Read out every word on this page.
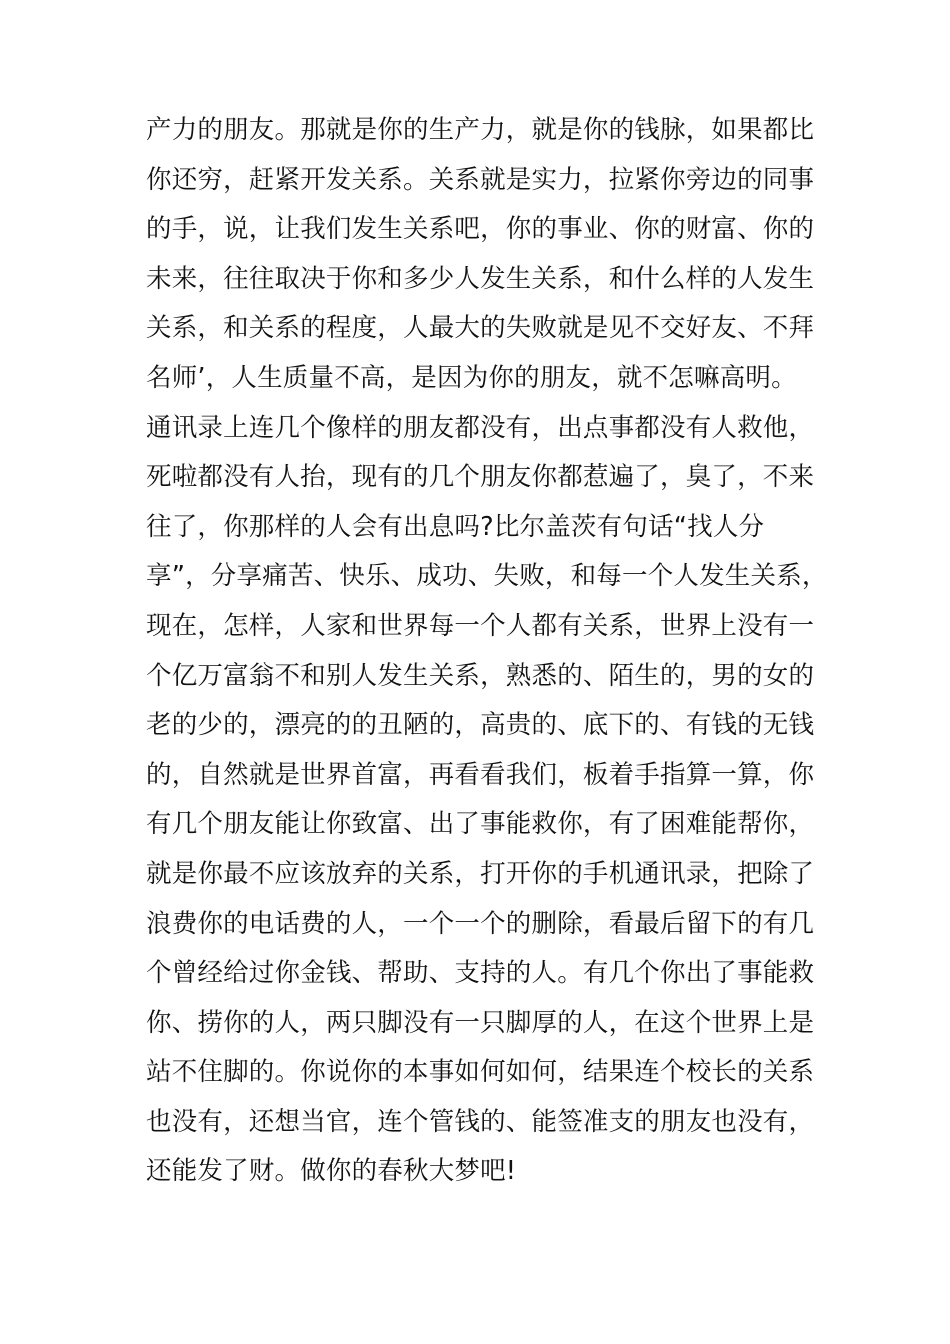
产力的朋友。那就是你的生产力，就是你的钱脉，如果都比
你还穷，赶紧开发关系。关系就是实力，拉紧你旁边的同事
的手，说，让我们发生关系吧，你的事业、你的财富、你的
未来，往往取决于你和多少人发生关系，和什么样的人发生
关系，和关系的程度，人最大的失败就是见不交好友、不拜
名师’，人生质量不高，是因为你的朋友，就不怎嘛高明。
通讯录上连几个像样的朋友都没有，出点事都没有人救他，
死啦都没有人抬，现有的几个朋友你都惹遍了，臭了，不来
往了，你那样的人会有出息吗?比尔盖茨有句话“找人分
享”，分享痛苦、快乐、成功、失败，和每一个人发生关系，
现在，怎样，人家和世界每一个人都有关系，世界上没有一
个亿万富翁不和别人发生关系，熟悉的、陌生的，男的女的
老的少的，漂亮的的丑陋的，高贵的、底下的、有钱的无钱
的，自然就是世界首富，再看看我们，板着手指算一算，你
有几个朋友能让你致富、出了事能救你，有了困难能帮你，
就是你最不应该放弃的关系，打开你的手机通讯录，把除了
浪费你的电话费的人，一个一个的删除，看最后留下的有几
个曾经给过你金钱、帮助、支持的人。有几个你出了事能救
你、捞你的人，两只脚没有一只脚厚的人，在这个世界上是
站不住脚的。你说你的本事如何如何，结果连个校长的关系
也没有，还想当官，连个管钱的、能签准支的朋友也没有，
还能发了财。做你的春秋大梦吧!
